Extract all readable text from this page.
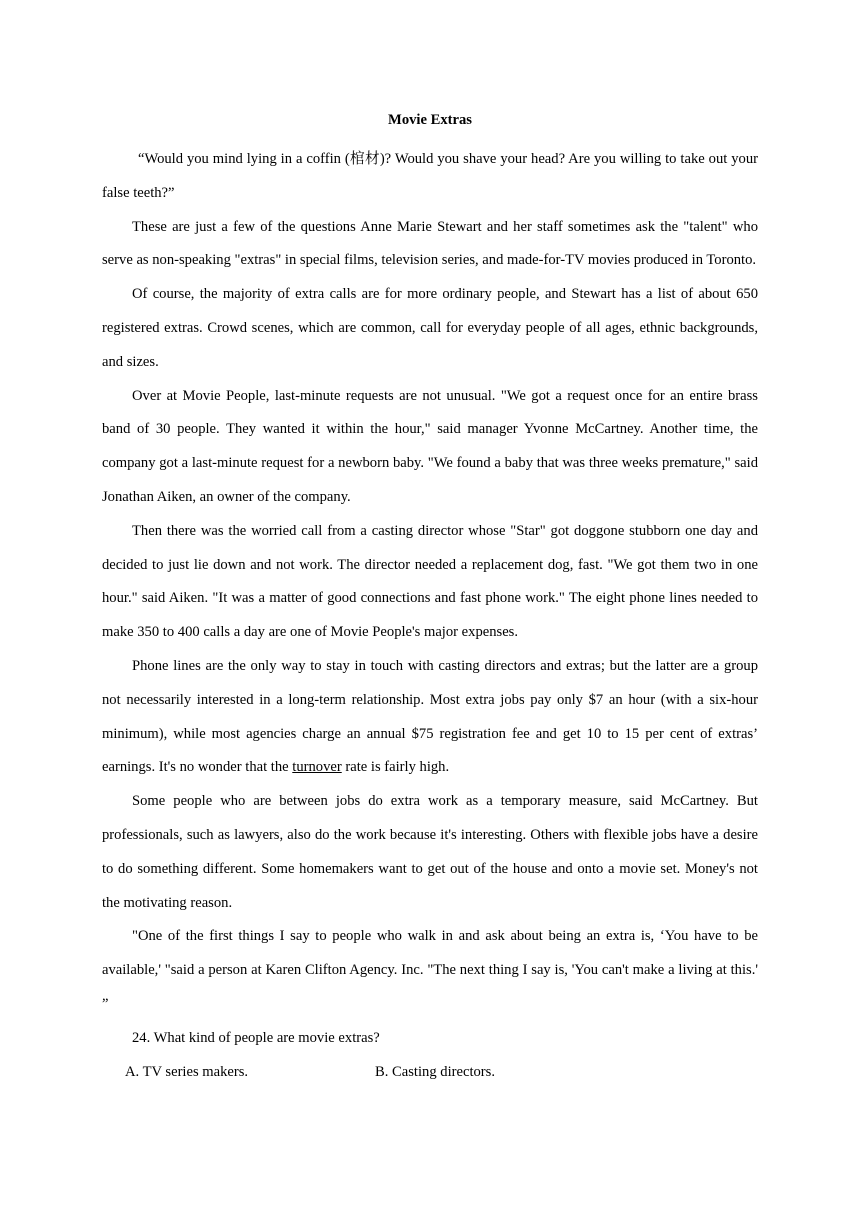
Movie Extras

“Would you mind lying in a coffin (棺材)? Would you shave your head? Are you willing to take out your false teeth?”

These are just a few of the questions Anne Marie Stewart and her staff sometimes ask the "talent" who serve as non-speaking "extras" in special films, television series, and made-for-TV movies produced in Toronto.

Of course, the majority of extra calls are for more ordinary people, and Stewart has a list of about 650 registered extras. Crowd scenes, which are common, call for everyday people of all ages, ethnic backgrounds, and sizes.

Over at Movie People, last-minute requests are not unusual. "We got a request once for an entire brass band of 30 people. They wanted it within the hour," said manager Yvonne McCartney. Another time, the company got a last-minute request for a newborn baby. "We found a baby that was three weeks premature," said Jonathan Aiken, an owner of the company.

Then there was the worried call from a casting director whose "Star" got doggone stubborn one day and decided to just lie down and not work. The director needed a replacement dog, fast. "We got them two in one hour." said Aiken. "It was a matter of good connections and fast phone work." The eight phone lines needed to make 350 to 400 calls a day are one of Movie People's major expenses.

Phone lines are the only way to stay in touch with casting directors and extras; but the latter are a group not necessarily interested in a long-term relationship. Most extra jobs pay only $7 an hour (with a six-hour minimum), while most agencies charge an annual $75 registration fee and get 10 to 15 per cent of extras’ earnings. It's no wonder that the turnover rate is fairly high.

Some people who are between jobs do extra work as a temporary measure, said McCartney. But professionals, such as lawyers, also do the work because it's interesting. Others with flexible jobs have a desire to do something different. Some homemakers want to get out of the house and onto a movie set. Money's not the motivating reason.

"One of the first things I say to people who walk in and ask about being an extra is, ‘You have to be available,' "said a person at Karen Clifton Agency. Inc. "The next thing I say is, 'You can't make a living at this.' ”

24. What kind of people are movie extras?

A. TV series makers.	B. Casting directors.
